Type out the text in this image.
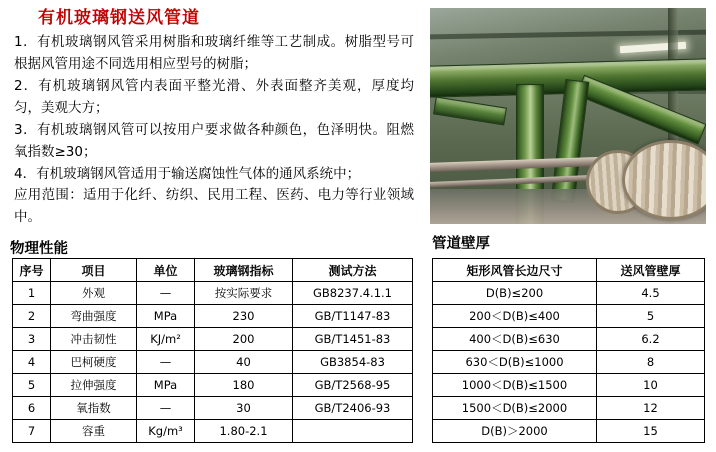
有机玻璃钢送风管道

1．有机玻璃钢风管采用树脂和玻璃纤维等工艺制成。树脂型号可根据风管用途不同选用相应型号的树脂；

2．有机玻璃钢风管内表面平整光滑、外表面整齐美观，厚度均匀，美观大方；

3．有机玻璃钢风管可以按用户要求做各种颜色，色泽明快。阻燃氧指数≥30；

4．有机玻璃钢风管适用于输送腐蚀性气体的通风系统中；

应用范围：适用于化纤、纺织、民用工程、医药、电力等行业领域中。

物理性能
序号	项目	单位	玻璃钢指标	测试方法
1	外观	—	按实际要求	GB8237.4.1.1
2	弯曲强度	MPa	230	GB/T1147-83
3	冲击韧性	KJ/m²	200	GB/T1451-83
4	巴柯硬度	—	40	GB3854-83
5	拉伸强度	MPa	180	GB/T2568-95
6	氧指数	—	30	GB/T2406-93
7	容重	Kg/m³	1.80-2.1	
管道壁厚
矩形风管长边尺寸	送风管壁厚
D(B)≤200	4.5
200＜D(B)≤400	5
400＜D(B)≤630	6.2
630＜D(B)≤1000	8
1000＜D(B)≤1500	10
1500＜D(B)≤2000	12
D(B)＞2000	15
